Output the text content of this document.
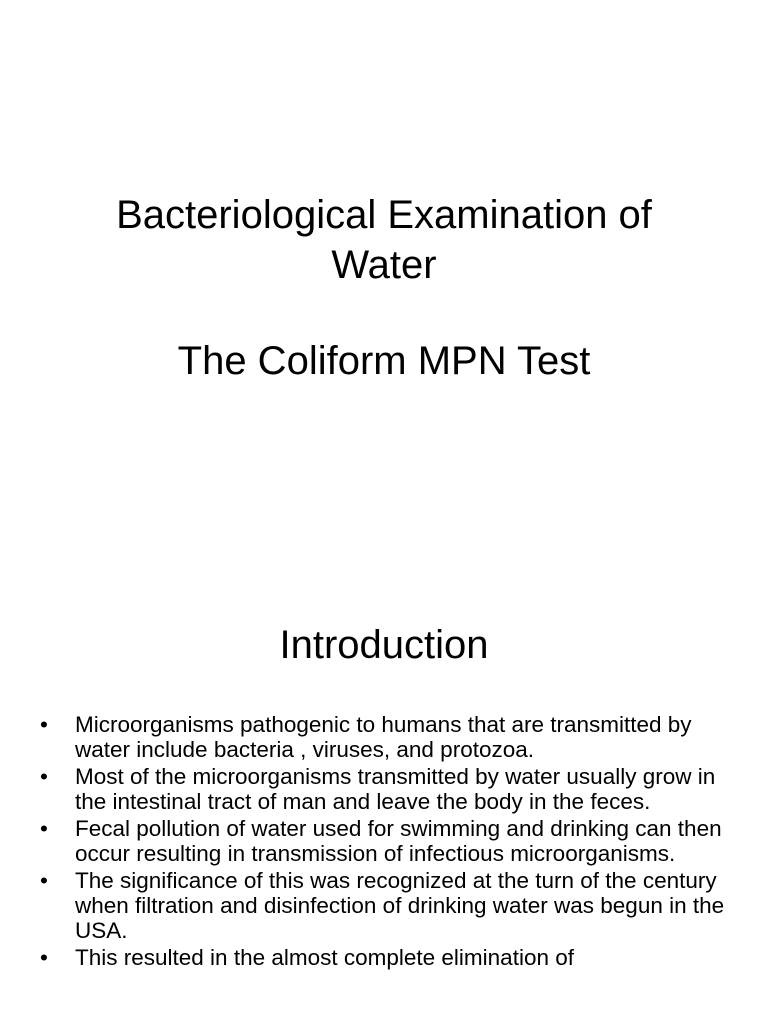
Bacteriological Examination of Water
The Coliform MPN Test
Introduction
•	Microorganisms pathogenic to humans that are transmitted by water include bacteria , viruses, and protozoa.
•	Most of the microorganisms transmitted by water usually grow in the intestinal tract of man and leave the body in the feces.
•	Fecal pollution of water used for swimming and drinking can then occur resulting in transmission of infectious microorganisms.
•	The significance of this was recognized at the turn of the century when filtration and disinfection of drinking water was begun in the USA.
•	This resulted in the almost complete elimination of
